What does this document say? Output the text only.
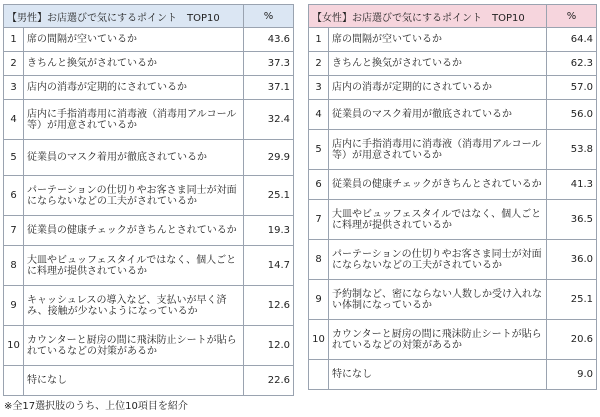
【男性】お店選びで気にするポイント　TOP10		%
1	席の間隔が空いているか	43.6
2	きちんと換気がされているか	37.3
3	店内の消毒が定期的にされているか	37.1
4	店内に手指消毒用に消毒液（消毒用アルコール等）が用意されているか	32.4
5	従業員のマスク着用が徹底されているか	29.9
6	パーテーションの仕切りやお客さま同士が対面にならないなどの工夫がされているか	25.1
7	従業員の健康チェックがきちんとされているか	19.3
8	大皿やビュッフェスタイルではなく、個人ごとに料理が提供されているか	14.7
9	キャッシュレスの導入など、支払いが早く済み、接触が少ないようになっているか	12.6
10	カウンターと厨房の間に飛沫防止シートが貼られているなどの対策があるか	12.0
	特になし	22.6
【女性】お店選びで気にするポイント　TOP10		%
1	席の間隔が空いているか	64.4
2	きちんと換気がされているか	62.3
3	店内の消毒が定期的にされているか	57.0
4	従業員のマスク着用が徹底されているか	56.0
5	店内に手指消毒用に消毒液（消毒用アルコール等）が用意されているか	53.8
6	従業員の健康チェックがきちんとされているか	41.3
7	大皿やビュッフェスタイルではなく、個人ごとに料理が提供されているか	36.5
8	パーテーションの仕切りやお客さま同士が対面にならないなどの工夫がされているか	36.0
9	予約制など、密にならない人数しか受け入れない体制になっているか	25.1
10	カウンターと厨房の間に飛沫防止シートが貼られているなどの対策があるか	20.6
	特になし	9.0
※全17選択肢のうち、上位10項目を紹介
